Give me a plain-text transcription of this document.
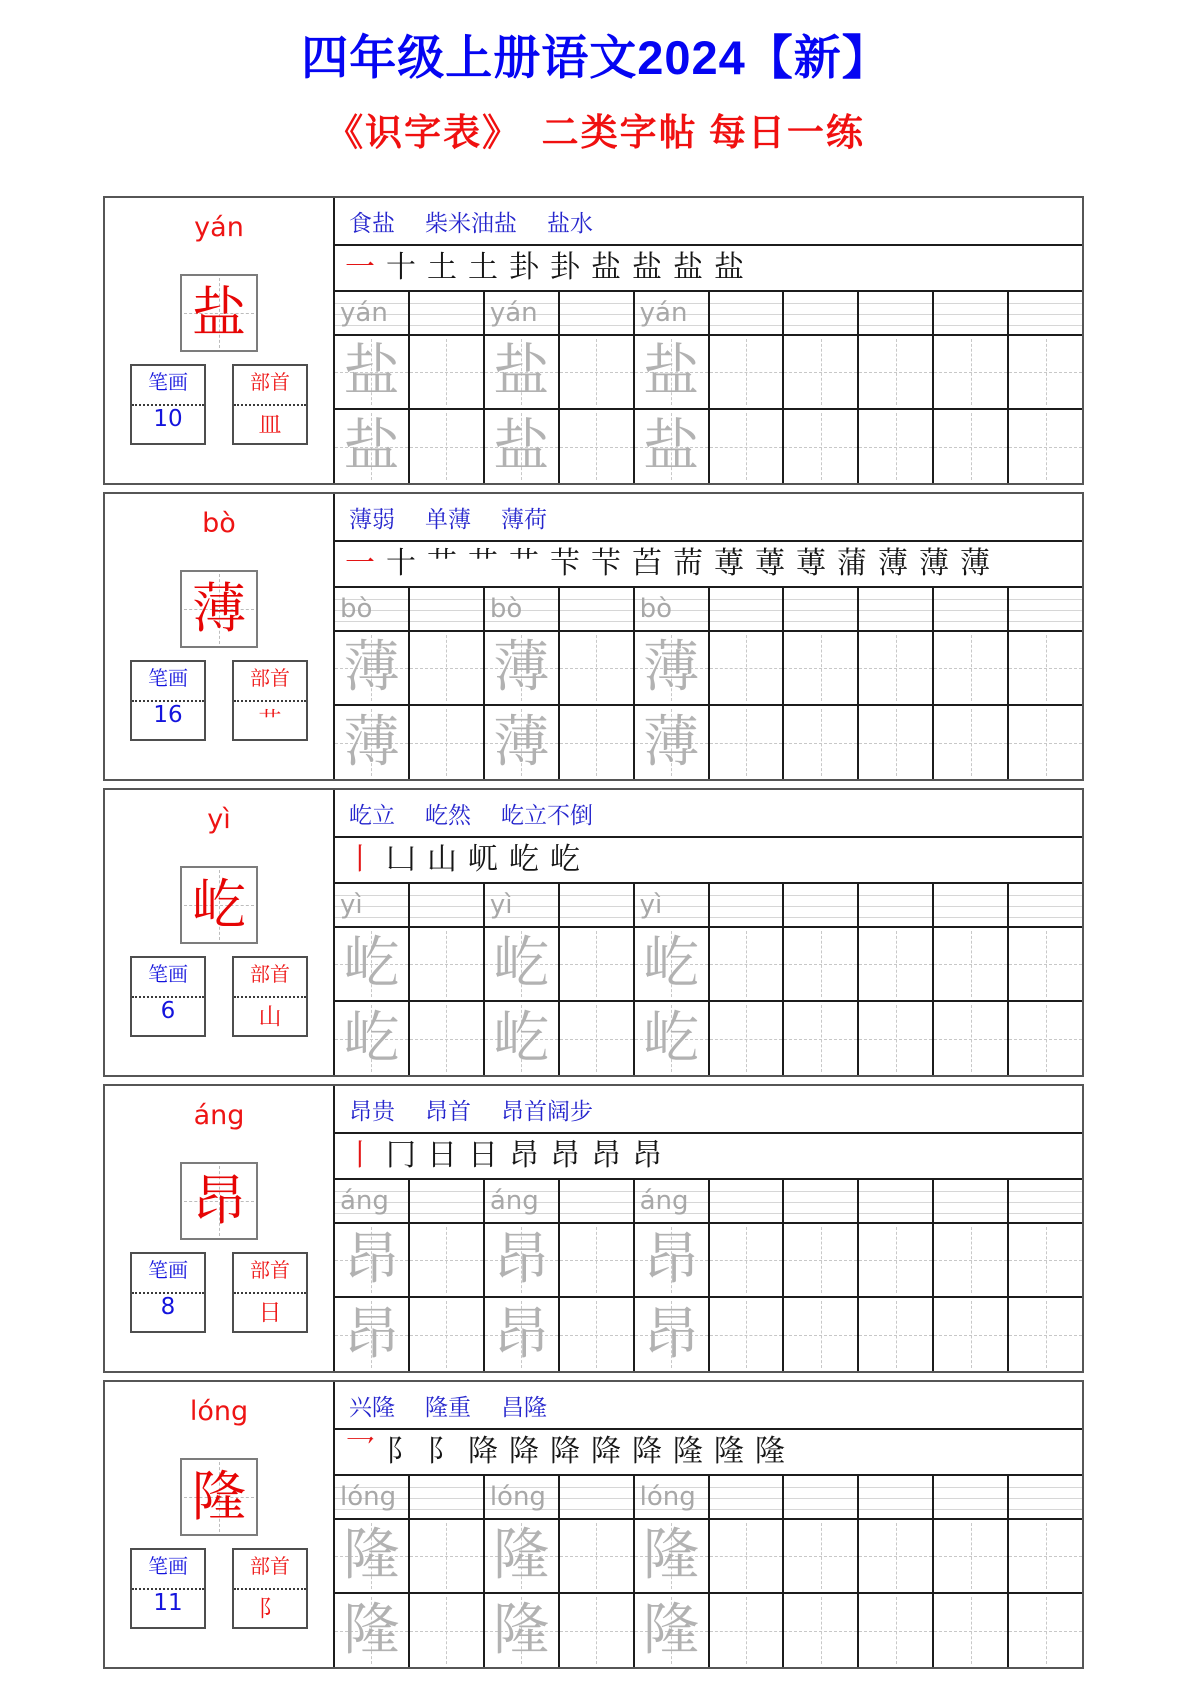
四年级上册语文2024【新】
《识字表》　二类字帖 每日一练
yán
盐
笔画
10
部首
皿
食盐 柴米油盐 盐水
一 十 土 土 卦 卦 盐 盐 盐 盐
yán	yán	yán
盐 盐 盐
盐 盐 盐
bò
薄
笔画
16
部首
艹
薄弱 单薄 薄荷
一 十 艹 艹 艹 芐 芐 苩 荋 蒪 蒪 蒪 蒲 薄 薄 薄
bò	bò	bò
薄 薄 薄
薄 薄 薄
yì
屹
笔画
6
部首
山
屹立 屹然 屹立不倒
丨 凵 山 屼 屹 屹
yì	yì	yì
屹 屹 屹
屹 屹 屹
áng
昂
笔画
8
部首
日
昂贵 昂首 昂首阔步
丨 冂 日 日 昂 昂 昂 昂
áng	áng	áng
昂 昂 昂
昂 昂 昂
lóng
隆
笔画
11
部首
阝
兴隆 隆重 昌隆
乛 阝 阝 降 降 降 降 降 隆 隆 隆
lóng	lóng	lóng
隆 隆 隆
隆 隆 隆
